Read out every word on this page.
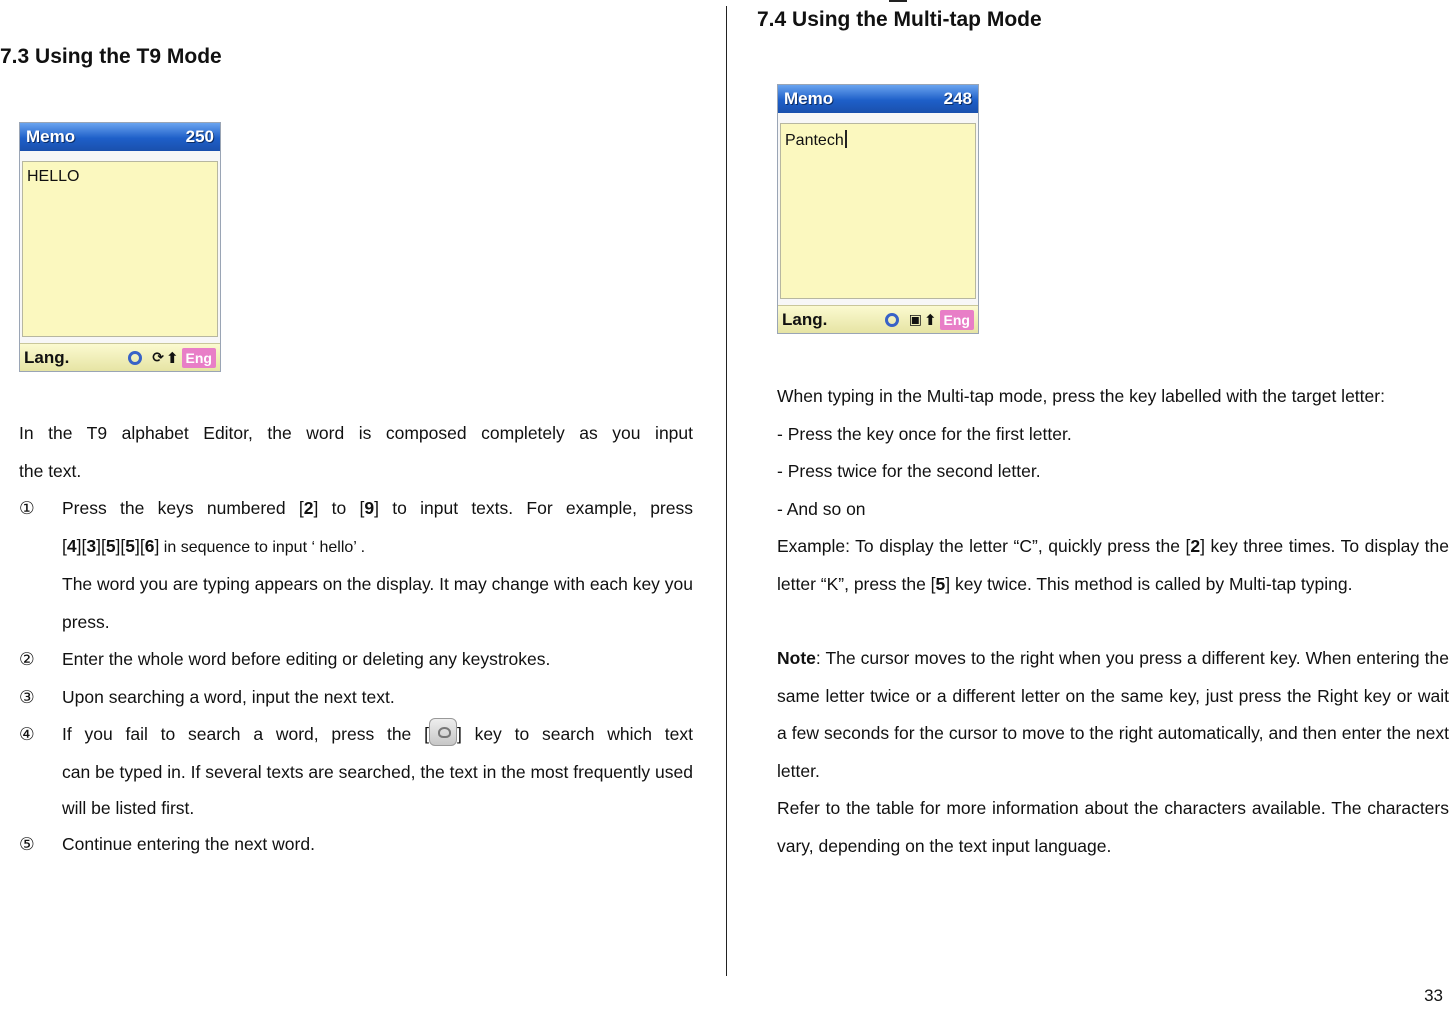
7.3 Using the T9 Mode
Memo	250
HELLO
Lang.	⟳ ⬆ Eng

In the T9 alphabet Editor, the word is composed completely as you input

the text.

① Press the keys numbered [2] to [9] to input texts. For example, press
[4][3][5][5][6] in sequence to input ‘ hello’ .
The word you are typing appears on the display. It may change with each key you press.
② Enter the whole word before editing or deleting any keystrokes.
③ Upon searching a word, input the next text.
④ If you fail to search a word, press the [ ] key to search which text
can be typed in. If several texts are searched, the text in the most frequently used will be listed first.
⑤ Continue entering the next word.
7.4 Using the Multi-tap Mode
Memo	248
Pantech
Lang.	▣ ⬆ Eng

When typing in the Multi-tap mode, press the key labelled with the target letter:

- Press the key once for the first letter.

- Press twice for the second letter.

- And so on

Example: To display the letter “C”, quickly press the [2] key three times. To display the letter “K”, press the [5] key twice. This method is called by Multi-tap typing.

Note: The cursor moves to the right when you press a different key. When entering the same letter twice or a different letter on the same key, just press the Right key or wait a few seconds for the cursor to move to the right automatically, and then enter the next letter.

Refer to the table for more information about the characters available. The characters vary, depending on the text input language.

33
